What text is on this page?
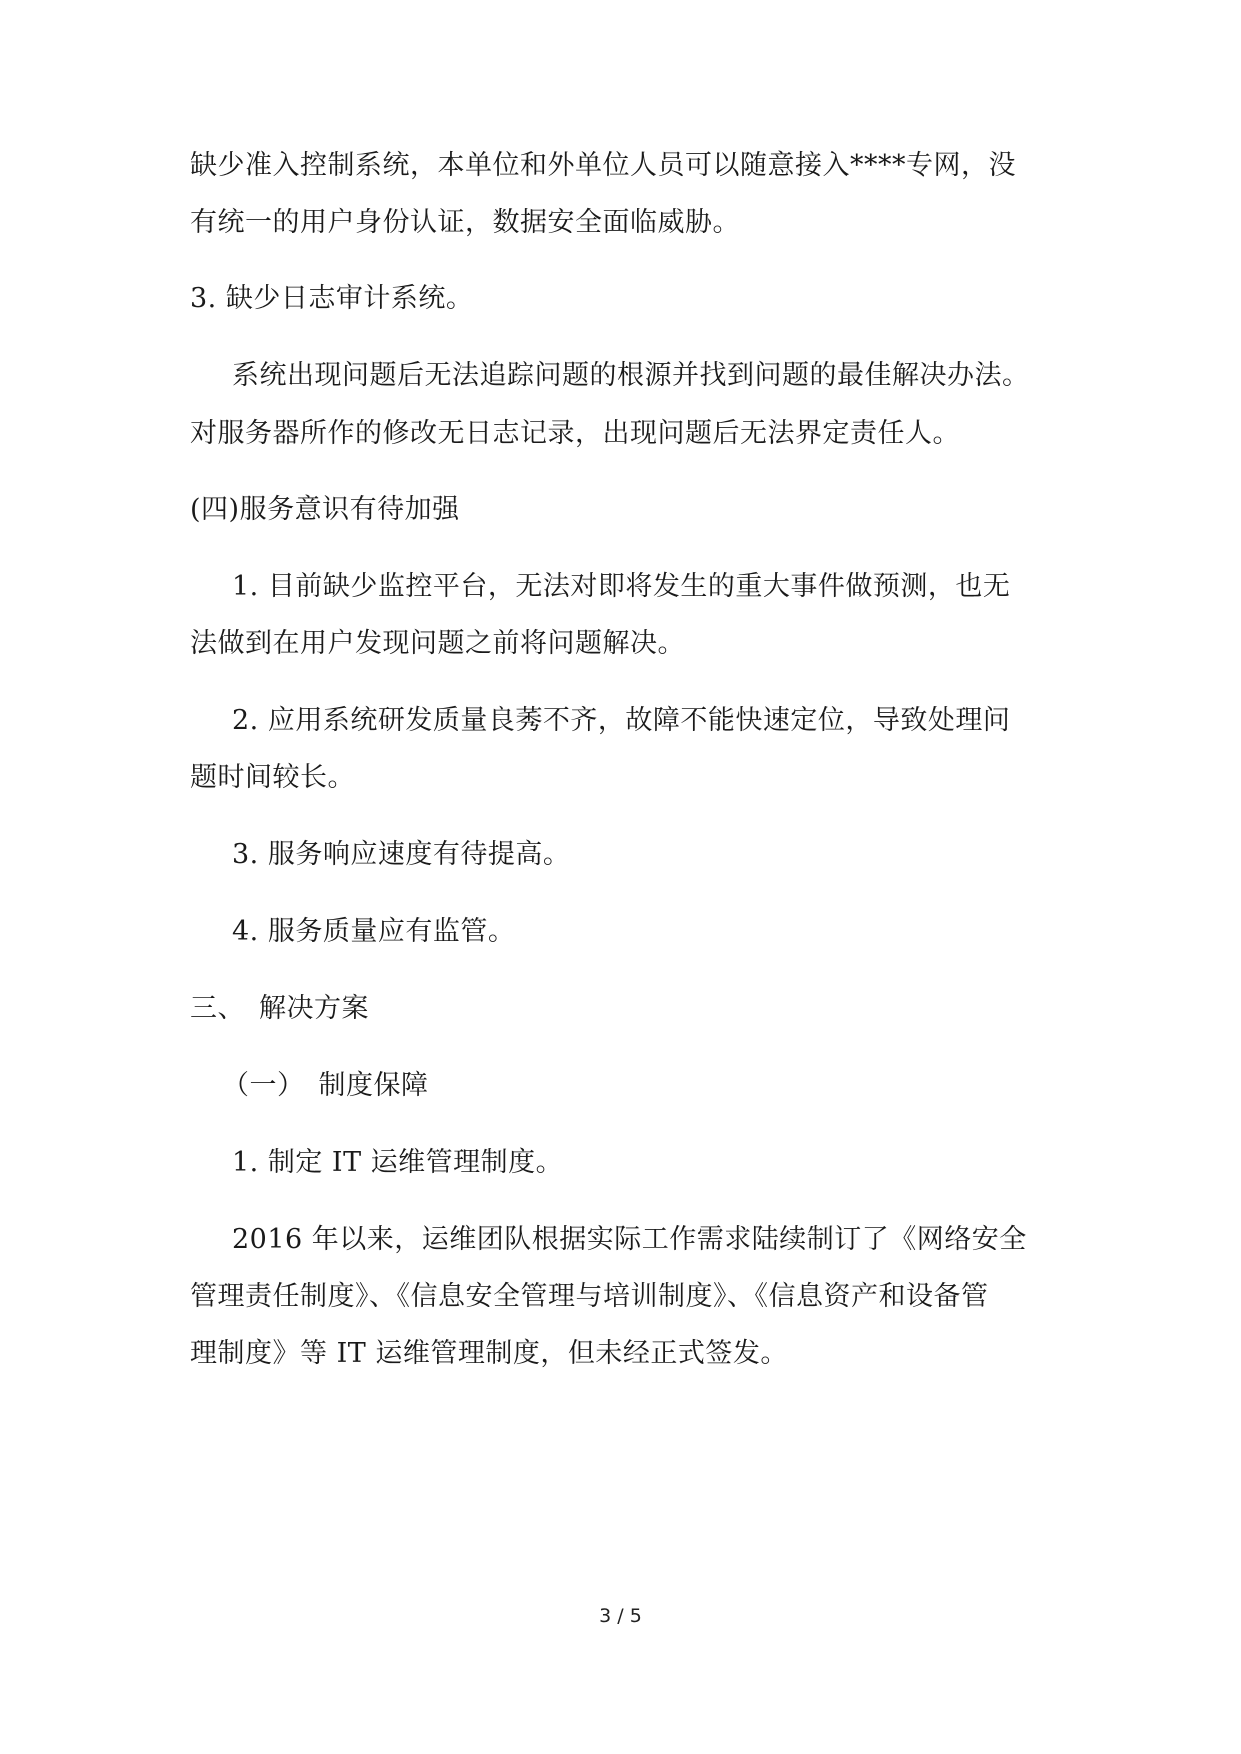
缺少准入控制系统，本单位和外单位人员可以随意接入****专网，没
有统一的用户身份认证，数据安全面临威胁。
3. 缺少日志审计系统。
系统出现问题后无法追踪问题的根源并找到问题的最佳解决办法。
对服务器所作的修改无日志记录，出现问题后无法界定责任人。
(四)服务意识有待加强
1. 目前缺少监控平台，无法对即将发生的重大事件做预测，也无
法做到在用户发现问题之前将问题解决。
2. 应用系统研发质量良莠不齐，故障不能快速定位，导致处理问
题时间较长。
3. 服务响应速度有待提高。
4. 服务质量应有监管。
三、　解决方案
（一）　制度保障
1. 制定 IT 运维管理制度。
2016 年以来，运维团队根据实际工作需求陆续制订了《网络安全
管理责任制度》、《信息安全管理与培训制度》、《信息资产和设备管
理制度》等 IT 运维管理制度，但未经正式签发。
3 / 5
